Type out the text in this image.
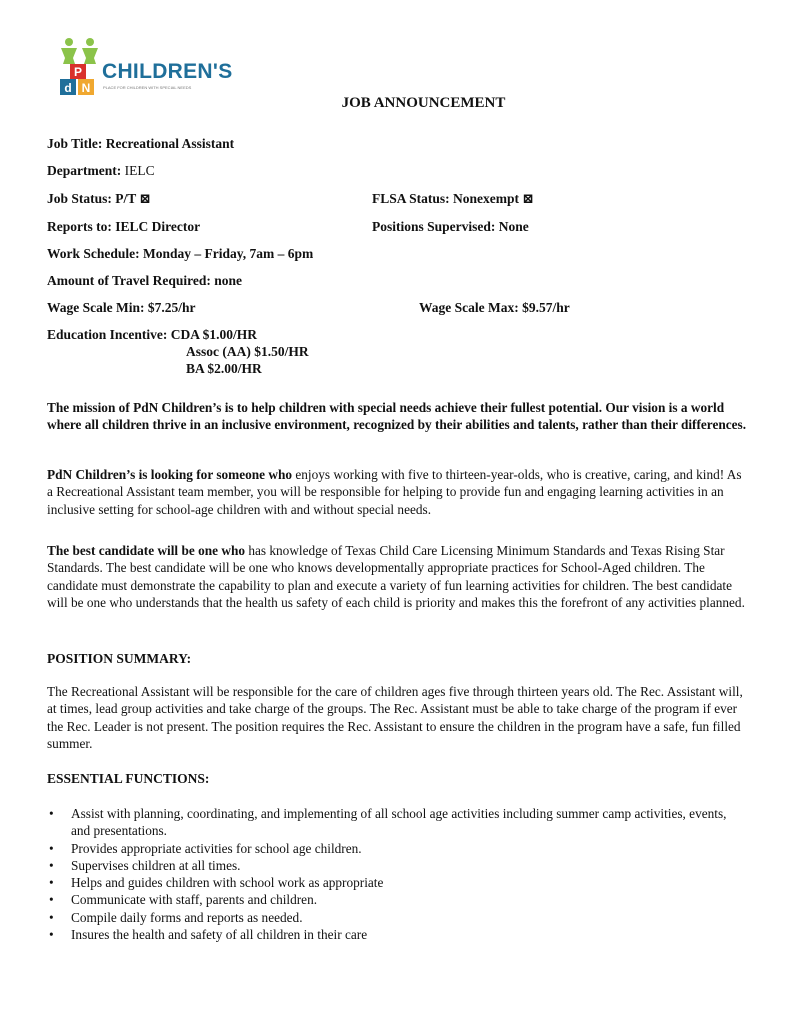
P
d N
CHILDREN'S
PLACE FOR CHILDREN WITH SPECIAL NEEDS
JOB ANNOUNCEMENT
Job Title: Recreational Assistant
Department: IELC
Job Status: P/T ⊠	FLSA Status: Nonexempt ⊠
Reports to: IELC Director	Positions Supervised: None
Work Schedule: Monday – Friday, 7am – 6pm
Amount of Travel Required: none
Wage Scale Min: $7.25/hr	Wage Scale Max: $9.57/hr
Education Incentive: CDA $1.00/HR
Assoc (AA) $1.50/HR
BA $2.00/HR
The mission of PdN Children’s is to help children with special needs achieve their fullest potential. Our vision is a world where all children thrive in an inclusive environment, recognized by their abilities and talents, rather than their differences.
PdN Children’s is looking for someone who enjoys working with five to thirteen-year-olds, who is creative, caring, and kind! As a Recreational Assistant team member, you will be responsible for helping to provide fun and engaging learning activities in an inclusive setting for school-age children with and without special needs.
The best candidate will be one who has knowledge of Texas Child Care Licensing Minimum Standards and Texas Rising Star Standards. The best candidate will be one who knows developmentally appropriate practices for School-Aged children. The candidate must demonstrate the capability to plan and execute a variety of fun learning activities for children. The best candidate will be one who understands that the health us safety of each child is priority and makes this the forefront of any activities planned.
POSITION SUMMARY:
The Recreational Assistant will be responsible for the care of children ages five through thirteen years old. The Rec. Assistant will, at times, lead group activities and take charge of the groups. The Rec. Assistant must be able to take charge of the program if ever the Rec. Leader is not present. The position requires the Rec. Assistant to ensure the children in the program have a safe, fun filled summer.
ESSENTIAL FUNCTIONS:
• Assist with planning, coordinating, and implementing of all school age activities including summer camp activities, events, and presentations.
• Provides appropriate activities for school age children.
• Supervises children at all times.
• Helps and guides children with school work as appropriate
• Communicate with staff, parents and children.
• Compile daily forms and reports as needed.
• Insures the health and safety of all children in their care
